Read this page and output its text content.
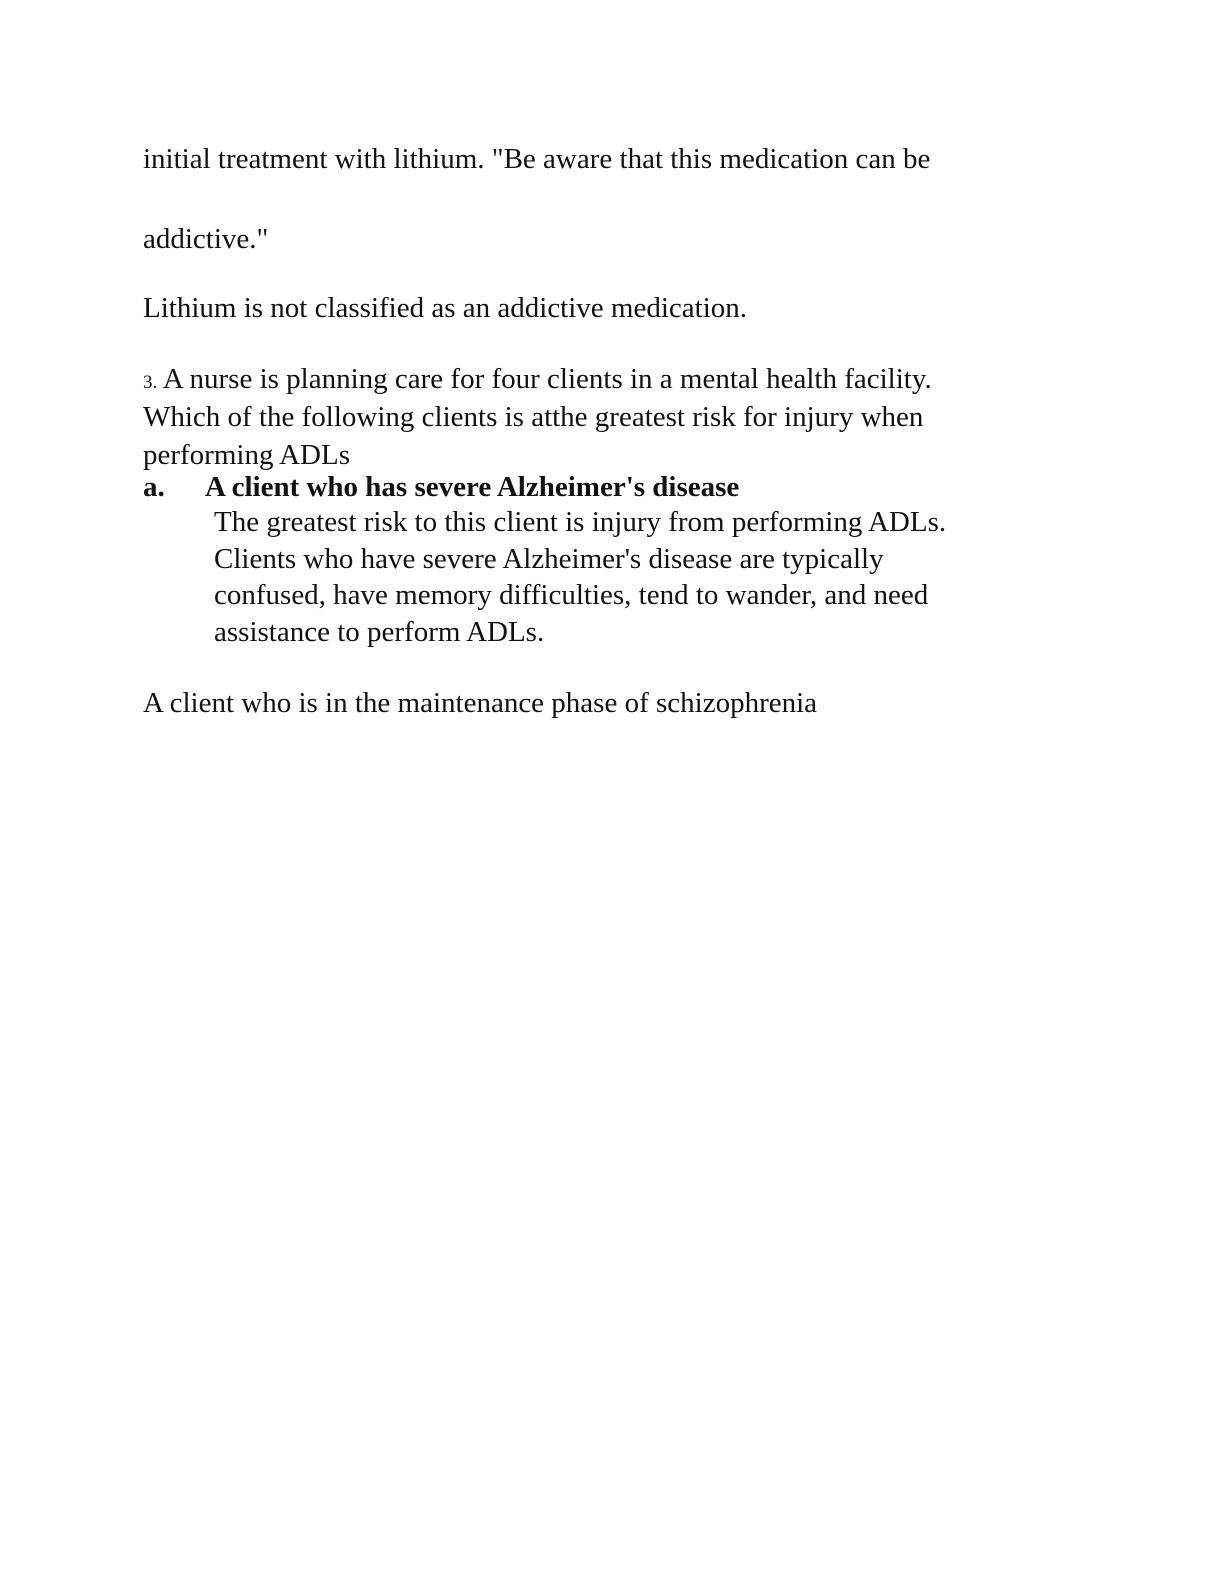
initial treatment with lithium. "Be aware that this medication can be

addictive."

Lithium is not classified as an addictive medication.

3. A nurse is planning care for four clients in a mental health facility.

Which of the following clients is atthe greatest risk for injury when

performing ADLs

a. A client who has severe Alzheimer's disease
The greatest risk to this client is injury from performing ADLs.
Clients who have severe Alzheimer's disease are typically
confused, have memory difficulties, tend to wander, and need
assistance to perform ADLs.

A client who is in the maintenance phase of schizophrenia
